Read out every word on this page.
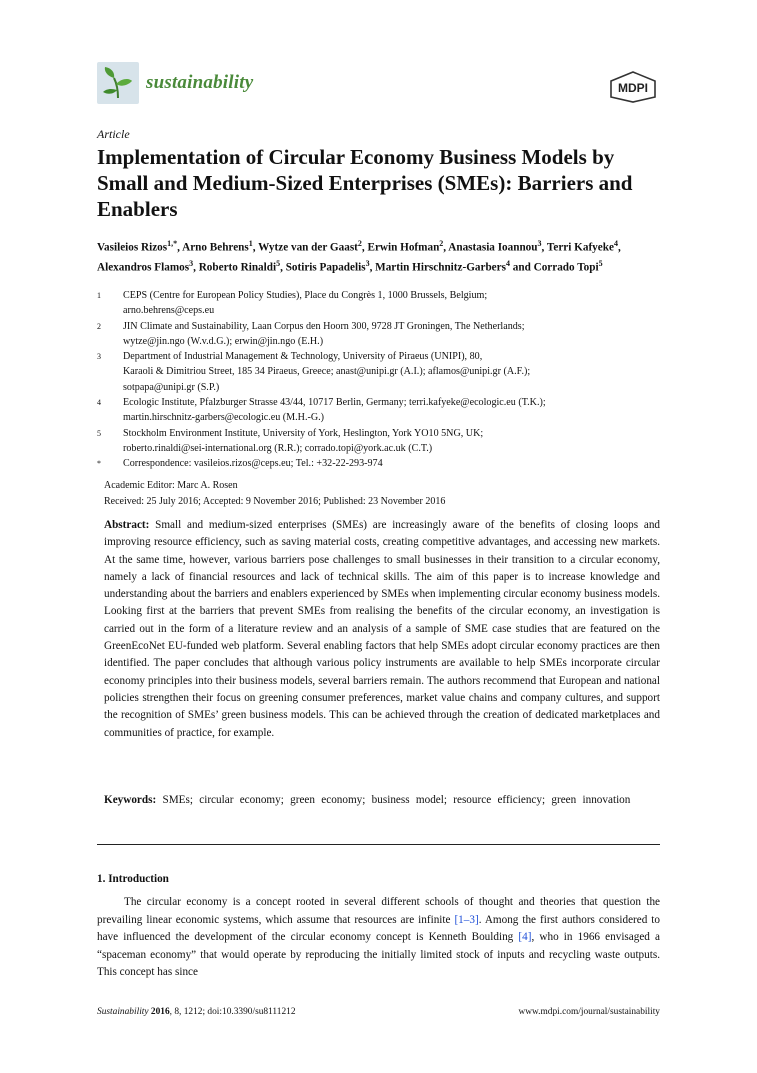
sustainability	MDPI
Article
Implementation of Circular Economy Business Models by Small and Medium-Sized Enterprises (SMEs): Barriers and Enablers
Vasileios Rizos$^{1,*}$, Arno Behrens$^1$, Wytze van der Gaast$^2$, Erwin Hofman$^2$, Anastasia Ioannou$^3$, Terri Kafyeke$^4$, Alexandros Flamos$^3$, Roberto Rinaldi$^5$, Sotiris Papadelis$^3$, Martin Hirschnitz-Garbers$^4$ and Corrado Topi$^5$
1	CEPS (Centre for European Policy Studies), Place du Congrès 1, 1000 Brussels, Belgium;
arno.behrens@ceps.eu
2	JIN Climate and Sustainability, Laan Corpus den Hoorn 300, 9728 JT Groningen, The Netherlands;
wytze@jin.ngo (W.v.d.G.); erwin@jin.ngo (E.H.)
3	Department of Industrial Management & Technology, University of Piraeus (UNIPI), 80,
Karaoli & Dimitriou Street, 185 34 Piraeus, Greece; anast@unipi.gr (A.I.); aflamos@unipi.gr (A.F.);
sotpapa@unipi.gr (S.P.)
4	Ecologic Institute, Pfalzburger Strasse 43/44, 10717 Berlin, Germany; terri.kafyeke@ecologic.eu (T.K.);
martin.hirschnitz-garbers@ecologic.eu (M.H.-G.)
5	Stockholm Environment Institute, University of York, Heslington, York YO10 5NG, UK;
roberto.rinaldi@sei-international.org (R.R.); corrado.topi@york.ac.uk (C.T.)
*	Correspondence: vasileios.rizos@ceps.eu; Tel.: +32-22-293-974
Academic Editor: Marc A. Rosen
Received: 25 July 2016; Accepted: 9 November 2016; Published: 23 November 2016
Abstract: Small and medium-sized enterprises (SMEs) are increasingly aware of the benefits of closing loops and improving resource efficiency, such as saving material costs, creating competitive advantages, and accessing new markets. At the same time, however, various barriers pose challenges to small businesses in their transition to a circular economy, namely a lack of financial resources and lack of technical skills. The aim of this paper is to increase knowledge and understanding about the barriers and enablers experienced by SMEs when implementing circular economy business models. Looking first at the barriers that prevent SMEs from realising the benefits of the circular economy, an investigation is carried out in the form of a literature review and an analysis of a sample of SME case studies that are featured on the GreenEcoNet EU-funded web platform. Several enabling factors that help SMEs adopt circular economy practices are then identified. The paper concludes that although various policy instruments are available to help SMEs incorporate circular economy principles into their business models, several barriers remain. The authors recommend that European and national policies strengthen their focus on greening consumer preferences, market value chains and company cultures, and support the recognition of SMEs’ green business models. This can be achieved through the creation of dedicated marketplaces and communities of practice, for example.
Keywords: SMEs; circular economy; green economy; business model; resource efficiency; green innovation
1. Introduction

The circular economy is a concept rooted in several different schools of thought and theories that question the prevailing linear economic systems, which assume that resources are infinite [1–3]. Among the first authors considered to have influenced the development of the circular economy concept is Kenneth Boulding [4], who in 1966 envisaged a “spaceman economy” that would operate by reproducing the initially limited stock of inputs and recycling waste outputs. This concept has since

Sustainability 2016, 8, 1212; doi:10.3390/su8111212	www.mdpi.com/journal/sustainability
